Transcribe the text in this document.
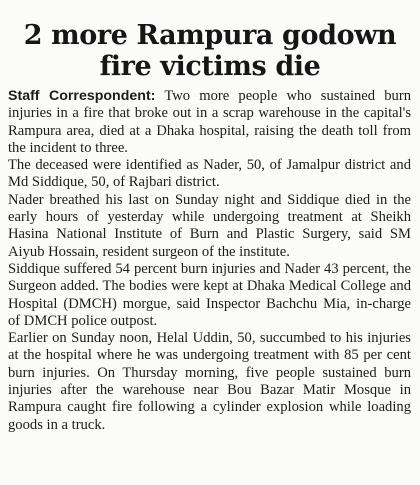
2 more Rampura godown
fire victims die

Staff Correspondent: Two more people who sustained burn injuries in a fire that broke out in a scrap warehouse in the capital's Rampura area, died at a Dhaka hospital, raising the death toll from the incident to three.

The deceased were identified as Nader, 50, of Jamalpur district and Md Siddique, 50, of Rajbari district.

Nader breathed his last on Sunday night and Siddique died in the early hours of yesterday while undergoing treatment at Sheikh Hasina National Institute of Burn and Plastic Surgery, said SM Aiyub Hossain, resident surgeon of the institute.

Siddique suffered 54 percent burn injuries and Nader 43 percent, the Surgeon added. The bodies were kept at Dhaka Medical College and Hospital (DMCH) morgue, said Inspector Bachchu Mia, in-charge of DMCH police outpost.

Earlier on Sunday noon, Helal Uddin, 50, succumbed to his injuries at the hospital where he was undergoing treatment with 85 per cent burn injuries. On Thursday morning, five people sustained burn injuries after the warehouse near Bou Bazar Matir Mosque in Rampura caught fire following a cylinder explosion while loading goods in a truck.
